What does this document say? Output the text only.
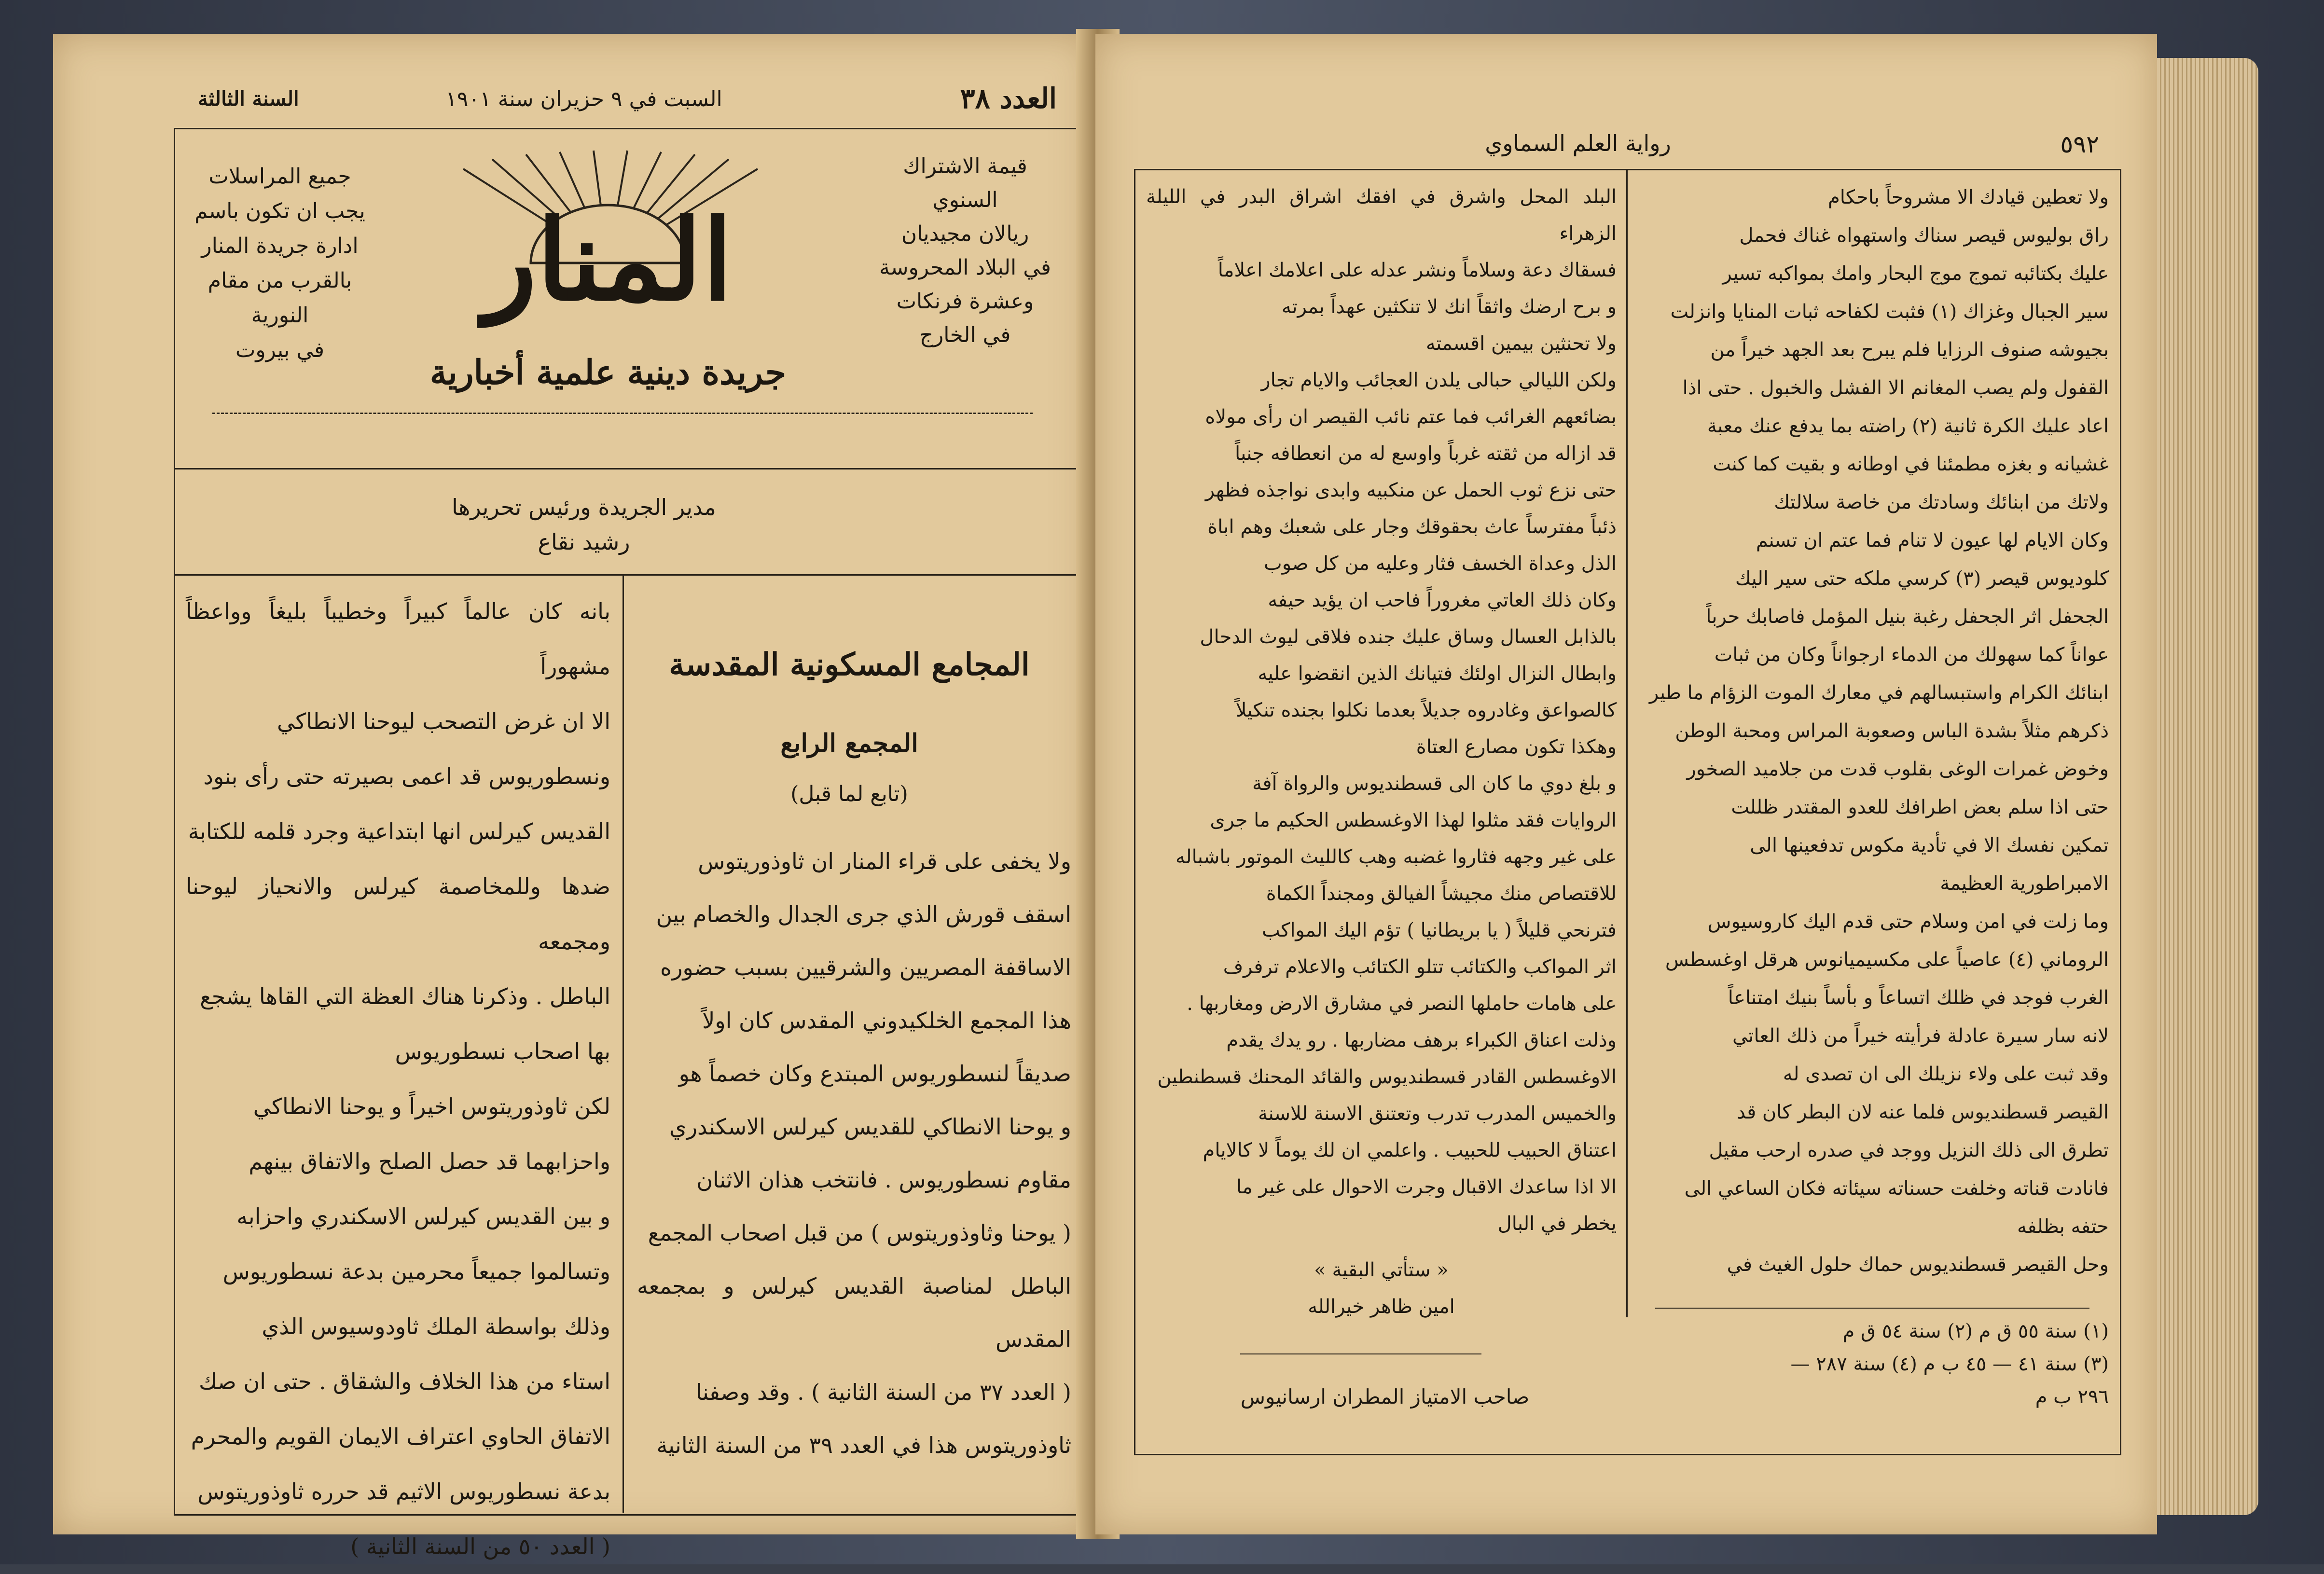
العدد ٣٨
السبت في ٩ حزيران سنة ١٩٠١
السنة الثالثة
قيمة الاشتراك السنوي
ريالان مجيديان
في البلاد المحروسة
وعشرة فرنكات
في الخارج
جميع المراسلات
يجب ان تكون باسم
ادارة جريدة المنار
بالقرب من مقام النورية
في بيروت
المنار
جريدة دينية علمية أخبارية
مدير الجريدة ورئيس تحريرها
رشيد نقاع
المجامع المسكونية المقدسة
المجمع الرابع
(تابع لما قبل)
ولا يخفى على قراء المنار ان ثاوذوريتوس
اسقف قورش الذي جرى الجدال والخصام بين
الاساقفة المصريين والشرقيين بسبب حضوره
هذا المجمع الخلكيدوني المقدس كان اولاً
صديقاً لنسطوريوس المبتدع وكان خصماً هو
و يوحنا الانطاكي للقديس كيرلس الاسكندري
مقاوم نسطوريوس . فانتخب هذان الاثنان
( يوحنا وثاوذوريتوس ) من قبل اصحاب المجمع
الباطل لمناصبة القديس كيرلس و بمجمعه المقدس
( العدد ٣٧ من السنة الثانية ) . وقد وصفنا
ثاوذوريتوس هذا في العدد ٣٩ من السنة الثانية
بانه كان عالماً كبيراً وخطيباً بليغاً وواعظاً مشهوراً
الا ان غرض التصحب ليوحنا الانطاكي
ونسطوريوس قد اعمى بصيرته حتى رأى بنود
القديس كيرلس انها ابتداعية وجرد قلمه للكتابة
ضدها وللمخاصمة كيرلس والانحياز ليوحنا ومجمعه
الباطل . وذكرنا هناك العظة التي القاها يشجع
بها اصحاب نسطوريوس
لكن ثاوذوريتوس اخيراً و يوحنا الانطاكي
واحزابهما قد حصل الصلح والاتفاق بينهم
و بين القديس كيرلس الاسكندري واحزابه
وتسالموا جميعاً محرمين بدعة نسطوريوس
وذلك بواسطة الملك ثاودوسيوس الذي
استاء من هذا الخلاف والشقاق . حتى ان صك
الاتفاق الحاوي اعتراف الايمان القويم والمحرم
بدعة نسطوريوس الاثيم قد حرره ثاوذوريتوس
( العدد ٥٠ من السنة الثانية )
٥٩٢
رواية العلم السماوي
ولا تعطين قيادك الا مشروحاً باحكام
راق بوليوس قيصر سناك واستهواه غناك فحمل
عليك بكتائبه تموج موج البحار وامك بمواكبه تسير
سير الجبال وغزاك (١) فثبت لكفاحه ثبات المنايا وانزلت
بجيوشه صنوف الرزايا فلم يبرح بعد الجهد خيراً من
القفول ولم يصب المغانم الا الفشل والخبول . حتى اذا
اعاد عليك الكرة ثانية (٢) راضته بما يدفع عنك معبة
غشيانه و بغزه مطمئنا في اوطانه و بقيت كما كنت
ولاتك من ابنائك وسادتك من خاصة سلالتك
وكان الايام لها عيون لا تنام فما عتم ان تسنم
كلوديوس قيصر (٣) كرسي ملكه حتى سير اليك
الجحفل اثر الجحفل رغبة بنيل المؤمل فاصابك حرباً
عواناً كما سهولك من الدماء ارجواناً وكان من ثبات
ابنائك الكرام واستبسالهم في معارك الموت الزؤام ما طير
ذكرهم مثلاً بشدة الباس وصعوبة المراس ومحبة الوطن
وخوض غمرات الوغى بقلوب قدت من جلاميد الصخور
حتى اذا سلم بعض اطرافك للعدو المقتدر ظللت
تمكين نفسك الا في تأدية مكوس تدفعينها الى
الامبراطورية العظيمة
وما زلت في امن وسلام حتى قدم اليك كاروسيوس
الروماني (٤) عاصياً على مكسيميانوس هرقل اوغسطس
الغرب فوجد في ظلك اتساعاً و بأساً بنيك امتناعاً
لانه سار سيرة عادلة فرأيته خيراً من ذلك العاتي
وقد ثبت على ولاء نزيلك الى ان تصدى له
القيصر قسطنديوس فلما عنه لان البطر كان قد
تطرق الى ذلك النزيل ووجد في صدره ارحب مقيل
فانادت قناته وخلفت حسناته سيئاته فكان الساعي الى
حتفه بظلفه
وحل القيصر قسطنديوس حماك حلول الغيث في
البلد المحل واشرق في افقك اشراق البدر في الليلة الزهراء
فسقاك دعة وسلاماً ونشر عدله على اعلامك اعلاماً
و برح ارضك واثقاً انك لا تنكثين عهداً بمرته
ولا تحنثين بيمين اقسمته
ولكن الليالي حبالى يلدن العجائب والايام تجار
بضائعهم الغرائب فما عتم نائب القيصر ان رأى مولاه
قد ازاله من ثقته غرباً واوسع له من انعطافه جنباً
حتى نزع ثوب الحمل عن منكبيه وابدى نواجذه فظهر
ذئباً مفترساً عاث بحقوقك وجار على شعبك وهم اباة
الذل وعداة الخسف فثار وعليه من كل صوب
وكان ذلك العاتي مغروراً فاحب ان يؤيد حيفه
بالذابل العسال وساق عليك جنده فلاقى ليوث الدحال
وابطال النزال اولئك فتيانك الذين انقضوا عليه
كالصواعق وغادروه جديلاً بعدما نكلوا بجنده تنكيلاً
وهكذا تكون مصارع العتاة
و بلغ دوي ما كان الى قسطنديوس والرواة آفة
الروايات فقد مثلوا لهذا الاوغسطس الحكيم ما جرى
على غير وجهه فثاروا غضبه وهب كالليث الموتور باشباله
للاقتصاص منك مجيشاً الفيالق ومجنداً الكماة
فترنحي قليلاً ( يا بريطانيا ) تؤم اليك المواكب
اثر المواكب والكتائب تتلو الكتائب والاعلام ترفرف
على هامات حاملها النصر في مشارق الارض ومغاربها .
وذلت اعناق الكبراء برهف مضاربها . رو يدك يقدم
الاوغسطس القادر قسطنديوس والقائد المحنك قسطنطين
والخميس المدرب تدرب وتعتنق الاسنة للاسنة
اعتناق الحبيب للحبيب . واعلمي ان لك يوماً لا كالايام
الا اذا ساعدك الاقبال وجرت الاحوال على غير ما
يخطر في البال
« ستأتي البقية »
امين ظاهر خيرالله
(١) سنة ٥٥ ق م (٢) سنة ٥٤ ق م
(٣) سنة ٤١ — ٤٥ ب م (٤) سنة ٢٨٧ —
٢٩٦ ب م
صاحب الامتياز المطران ارسانيوس
